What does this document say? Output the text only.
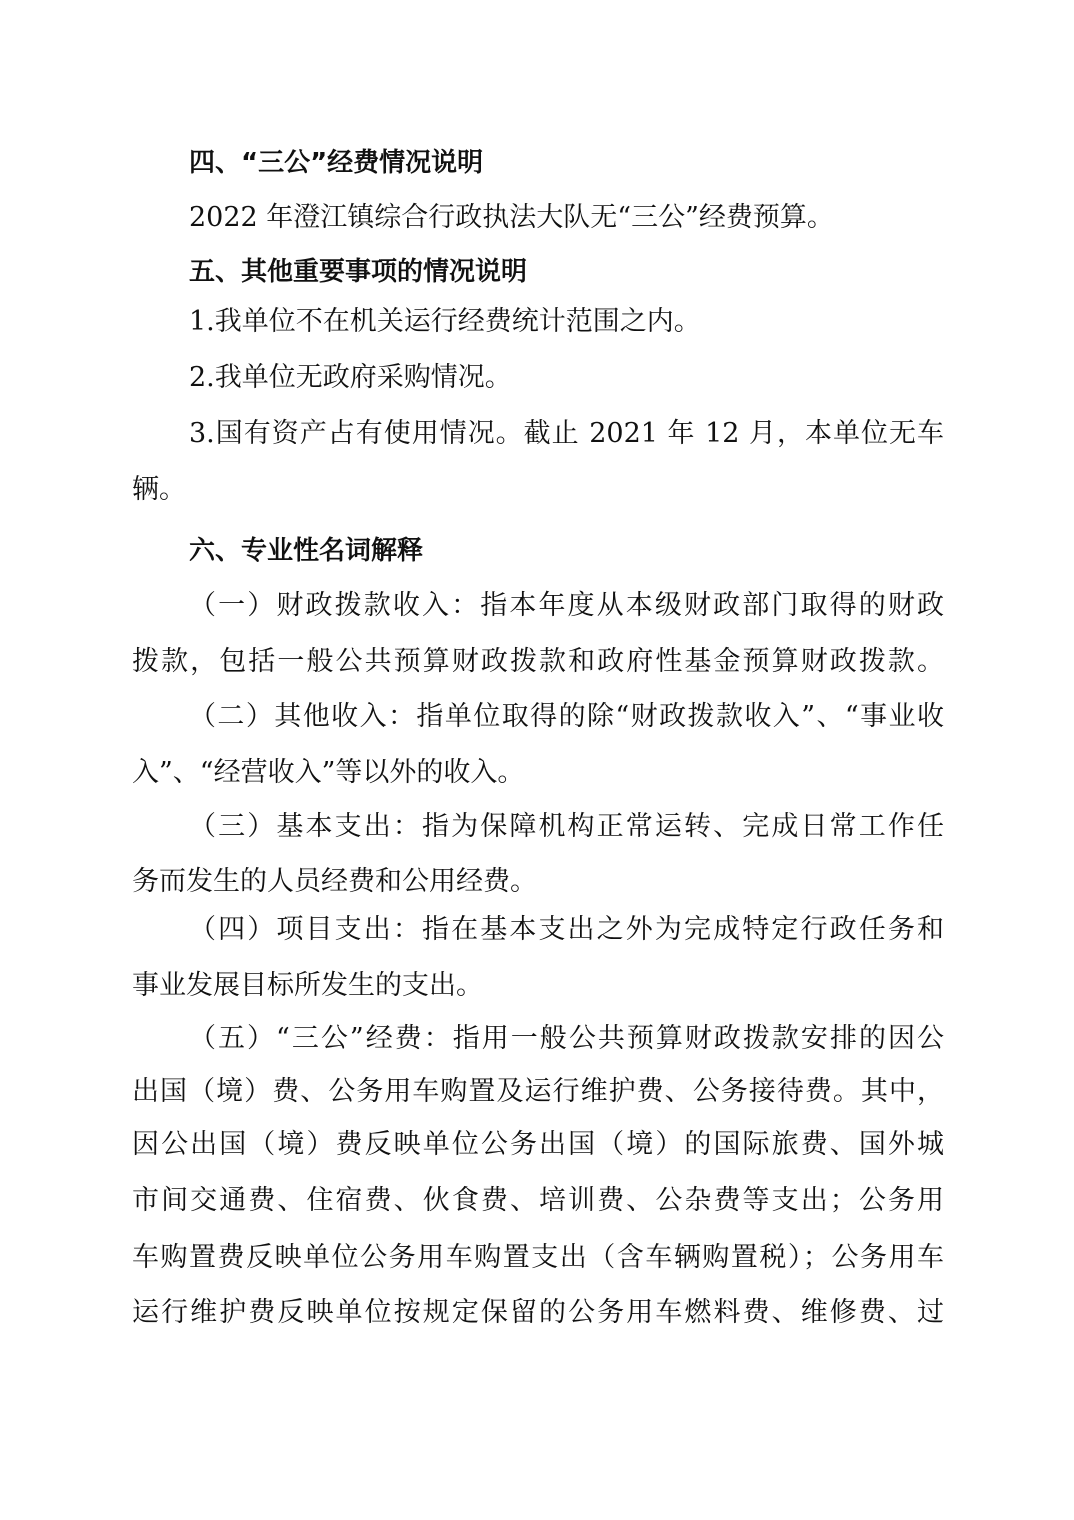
四、“三公”经费情况说明
2022 年澄江镇综合行政执法大队无“三公”经费预算。
五、其他重要事项的情况说明
1.我单位不在机关运行经费统计范围之内。
2.我单位无政府采购情况。
3.国有资产占有使用情况。截止 2021 年 12 月，本单位无车
辆。
六、专业性名词解释
（一）财政拨款收入：指本年度从本级财政部门取得的财政
拨款，包括一般公共预算财政拨款和政府性基金预算财政拨款。
（二）其他收入：指单位取得的除“财政拨款收入”、“事业收
入”、“经营收入”等以外的收入。
（三）基本支出：指为保障机构正常运转、完成日常工作任
务而发生的人员经费和公用经费。
（四）项目支出：指在基本支出之外为完成特定行政任务和
事业发展目标所发生的支出。
（五）“三公”经费：指用一般公共预算财政拨款安排的因公
出国（境）费、公务用车购置及运行维护费、公务接待费。其中，
因公出国（境）费反映单位公务出国（境）的国际旅费、国外城
市间交通费、住宿费、伙食费、培训费、公杂费等支出；公务用
车购置费反映单位公务用车购置支出（含车辆购置税）；公务用车
运行维护费反映单位按规定保留的公务用车燃料费、维修费、过
